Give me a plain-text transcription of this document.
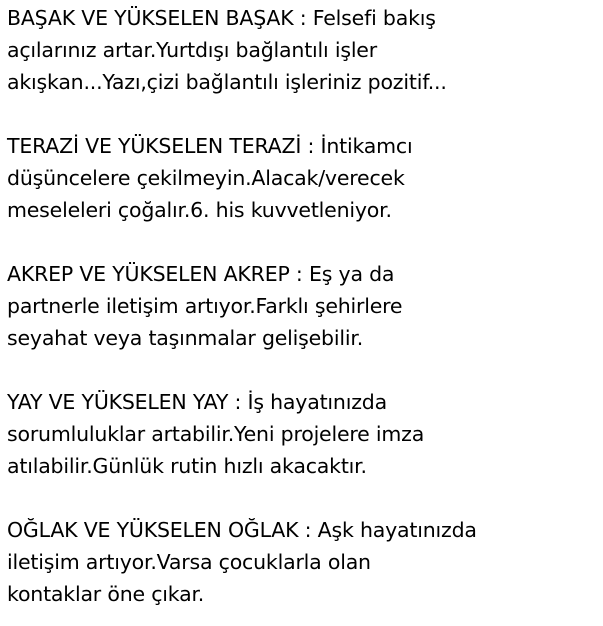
BAŞAK VE YÜKSELEN BAŞAK : Felsefi bakış
açılarınız artar.Yurtdışı bağlantılı işler
akışkan...Yazı,çizi bağlantılı işleriniz pozitif...

TERAZİ VE YÜKSELEN TERAZİ : İntikamcı
düşüncelere çekilmeyin.Alacak/verecek
meseleleri çoğalır.6. his kuvvetleniyor.

AKREP VE YÜKSELEN AKREP : Eş ya da
partnerle iletişim artıyor.Farklı şehirlere
seyahat veya taşınmalar gelişebilir.

YAY VE YÜKSELEN YAY : İş hayatınızda
sorumluluklar artabilir.Yeni projelere imza
atılabilir.Günlük rutin hızlı akacaktır.

OĞLAK VE YÜKSELEN OĞLAK : Aşk hayatınızda
iletişim artıyor.Varsa çocuklarla olan
kontaklar öne çıkar.
